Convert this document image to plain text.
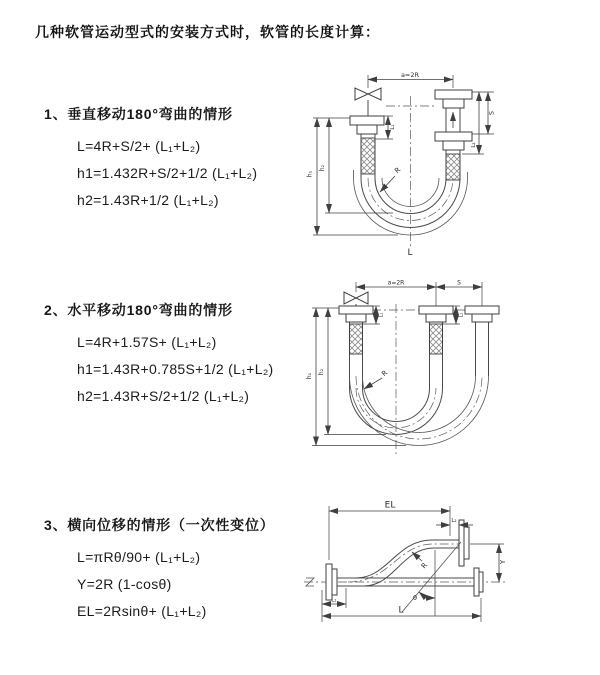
几种软管运动型式的安装方式时，软管的长度计算：
1、垂直移动180°弯曲的情形
L=4R+S/2+ (L₁+L₂)
h1=1.432R+S/2+1/2 (L₁+L₂)
h2=1.43R+1/2 (L₁+L₂)
2、水平移动180°弯曲的情形
L=4R+1.57S+ (L₁+L₂)
h1=1.43R+0.785S+1/2 (L₁+L₂)
h2=1.43R+S/2+1/2 (L₁+L₂)
3、横向位移的情形（一次性变位）
L=πRθ/90+ (L₁+L₂)
Y=2R (1-cosθ)
EL=2Rsinθ+ (L₁+L₂)
a=2R
h₁
h₂
L₁
S
L₂
R
L
a=2R	S
h₁
h₂
L₁	L₂
R
EL
L₂
Y
L
L₁	θ
R
